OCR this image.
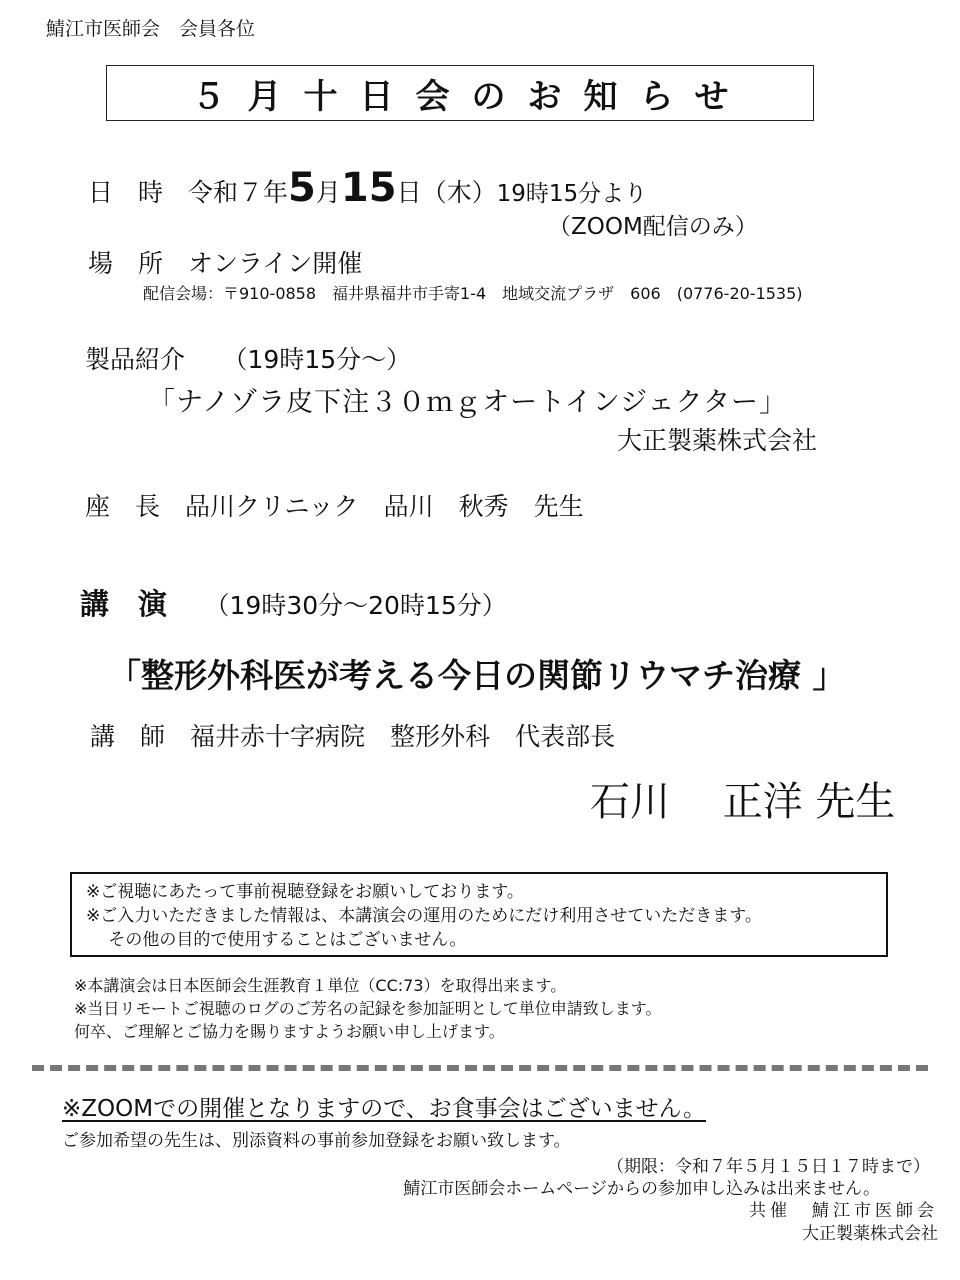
鯖江市医師会　会員各位
５月十日会のお知らせ
日　時　 令和７年5月15日（木）19時15分より
（ZOOM配信のみ）
場　所　 オンライン開催
配信会場：〒910-0858　福井県福井市手寄1-4　地域交流プラザ　606　(0776-20-1535)
製品紹介　　 （19時15分～）
「ナノゾラ皮下注３０ｍｇオートインジェクター」
大正製薬株式会社
座　長　 品川クリニック　 品川　秋秀　 先生
講　演　　 （19時30分～20時15分）
「整形外科医が考える今日の関節リウマチ治療 」
講　師　 福井赤十字病院　 整形外科　 代表部長
石川　 正洋 先生
※ご視聴にあたって事前視聴登録をお願いしております。
※ご入力いただきました情報は、本講演会の運用のためにだけ利用させていただきます。
　 その他の目的で使用することはございません。
※本講演会は日本医師会生涯教育１単位（CC:73）を取得出来ます。
※当日リモートご視聴のログのご芳名の記録を参加証明として単位申請致します。
何卒、ご理解とご協力を賜りますようお願い申し上げます。
※ZOOMでの開催となりますので、お食事会はございません。
ご参加希望の先生は、別添資料の事前参加登録をお願い致します。
（期限：令和７年５月１５日１７時まで）
鯖江市医師会ホームページからの参加申し込みは出来ません。
共催　 鯖江市医師会
大正製薬株式会社
